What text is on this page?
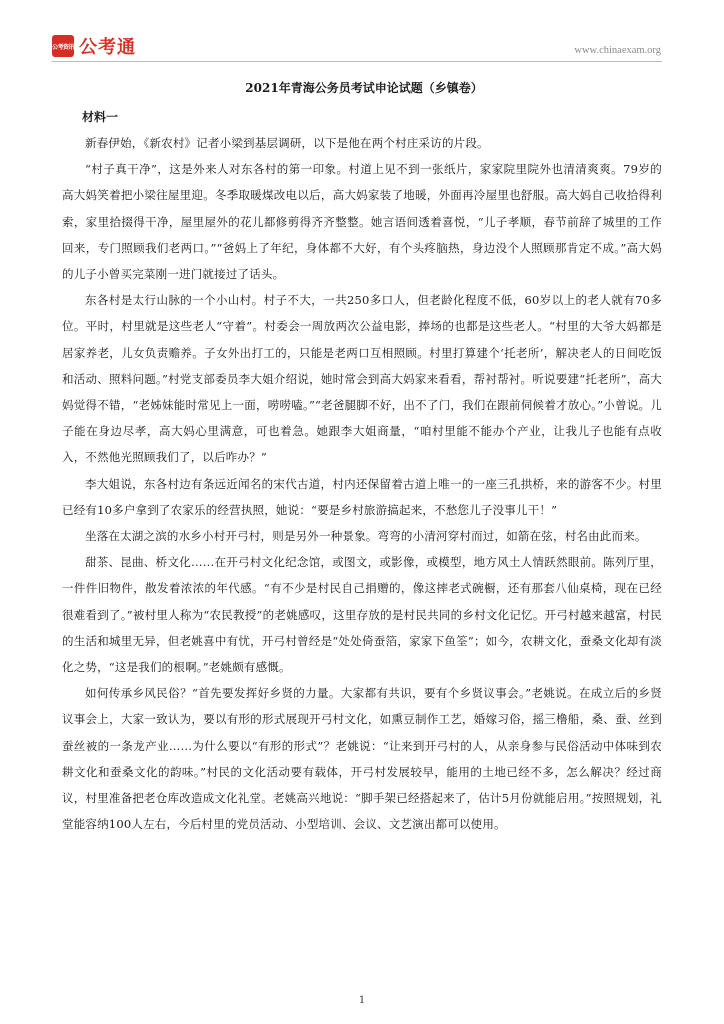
公考资讯 公考通	www.chinaexam.org
2021年青海公务员考试申论试题（乡镇卷）
材料一

新春伊始，《新农村》记者小梁到基层调研，以下是他在两个村庄采访的片段。

“村子真干净”，这是外来人对东各村的第一印象。村道上见不到一张纸片，家家院里院外也清清爽爽。79岁的高大妈笑着把小梁往屋里迎。冬季取暖煤改电以后，高大妈家装了地暖，外面再冷屋里也舒服。高大妈自己收拾得利索，家里拾掇得干净，屋里屋外的花儿都修剪得齐齐整整。她言语间透着喜悦，“儿子孝顺，春节前辞了城里的工作回来，专门照顾我们老两口。”“爸妈上了年纪，身体都不大好，有个头疼脑热，身边没个人照顾那肯定不成。”高大妈的儿子小曾买完菜刚一进门就接过了话头。

东各村是太行山脉的一个小山村。村子不大，一共250多口人，但老龄化程度不低，60岁以上的老人就有70多位。平时，村里就是这些老人“守着”。村委会一周放两次公益电影，捧场的也都是这些老人。“村里的大爷大妈都是居家养老，儿女负责赡养。子女外出打工的，只能是老两口互相照顾。村里打算建个‘托老所’，解决老人的日间吃饭和活动、照料问题。”村党支部委员李大姐介绍说，她时常会到高大妈家来看看，帮衬帮衬。听说要建“托老所”，高大妈觉得不错，“老姊妹能时常见上一面，唠唠嗑。”“老爸腿脚不好，出不了门，我们在跟前伺候着才放心。”小曾说。儿子能在身边尽孝，高大妈心里满意，可也着急。她跟李大姐商量，“咱村里能不能办个产业，让我儿子也能有点收入，不然他光照顾我们了，以后咋办？”

李大姐说，东各村边有条远近闻名的宋代古道，村内还保留着古道上唯一的一座三孔拱桥，来的游客不少。村里已经有10多户拿到了农家乐的经营执照，她说：“要是乡村旅游搞起来，不愁您儿子没事儿干！”

坐落在太湖之滨的水乡小村开弓村，则是另外一种景象。弯弯的小清河穿村而过，如箭在弦，村名由此而来。

甜茶、昆曲、桥文化……在开弓村文化纪念馆，或图文，或影像，或模型，地方风土人情跃然眼前。陈列厅里，一件件旧物件，散发着浓浓的年代感。“有不少是村民自己捐赠的，像这摔老式碗橱，还有那套八仙桌椅，现在已经很难看到了。”被村里人称为“农民教授”的老姚感叹，这里存放的是村民共同的乡村文化记忆。开弓村越来越富，村民的生活和城里无异，但老姚喜中有忧，开弓村曾经是“处处倚蚕箔，家家下鱼筌”；如今，农耕文化，蚕桑文化却有淡化之势，“这是我们的根啊。”老姚颇有感慨。

如何传承乡风民俗？“首先要发挥好乡贤的力量。大家都有共识，要有个乡贤议事会。”老姚说。在成立后的乡贤议事会上，大家一致认为，要以有形的形式展现开弓村文化，如熏豆制作工艺，婚嫁习俗，摇三橹船，桑、蚕、丝到蚕丝被的一条龙产业……为什么要以“有形的形式”？老姚说：“让来到开弓村的人，从亲身参与民俗活动中体味到农耕文化和蚕桑文化的韵味。”村民的文化活动要有载体，开弓村发展较早，能用的土地已经不多，怎么解决？经过商议，村里准备把老仓库改造成文化礼堂。老姚高兴地说：“脚手架已经搭起来了，估计5月份就能启用。”按照规划，礼堂能容纳100人左右，今后村里的党员活动、小型培训、会议、文艺演出都可以使用。

1
